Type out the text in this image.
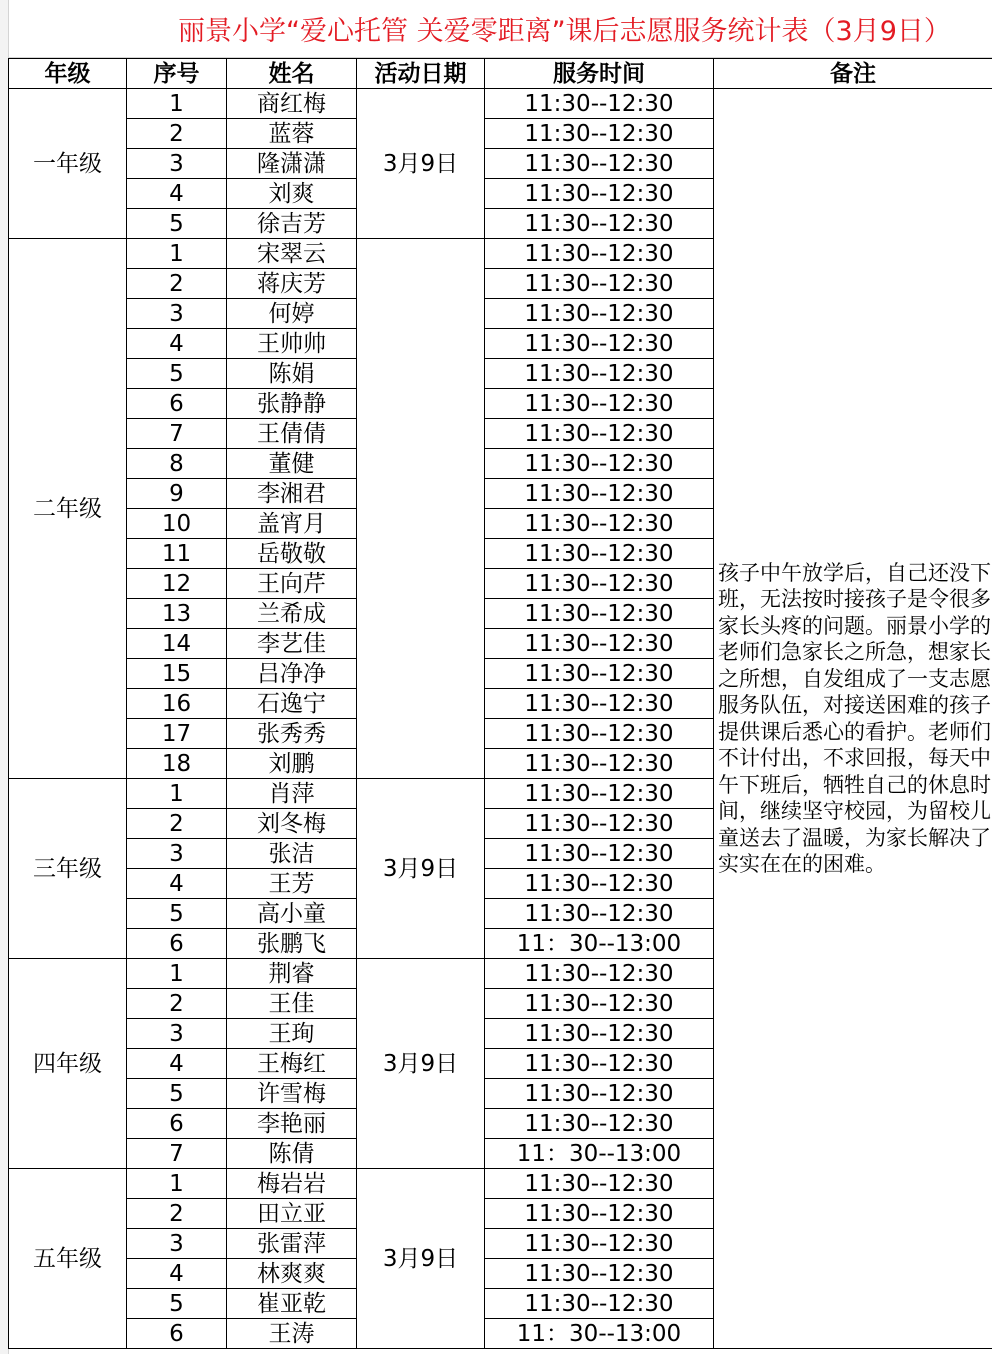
丽景小学“爱心托管 关爱零距离”课后志愿服务统计表（3月9日）
年级	序号	姓名	活动日期	服务时间	备注
一年级	1	商红梅	3月9日	11:30--12:30	孩子中午放学后，自己还没下班，无法按时接孩子是令很多家长头疼的问题。丽景小学的老师们急家长之所急，想家长之所想，自发组成了一支志愿服务队伍，对接送困难的孩子提供课后悉心的看护。老师们不计付出，不求回报，每天中午下班后，牺牲自己的休息时间，继续坚守校园，为留校儿童送去了温暖，为家长解决了实实在在的困难。
	2	蓝蓉		11:30--12:30	
	3	隆潇潇		11:30--12:30	
	4	刘爽		11:30--12:30	
	5	徐吉芳		11:30--12:30	
二年级	1	宋翠云		11:30--12:30	
	2	蒋庆芳		11:30--12:30	
	3	何婷		11:30--12:30	
	4	王帅帅		11:30--12:30	
	5	陈娟		11:30--12:30	
	6	张静静		11:30--12:30	
	7	王倩倩		11:30--12:30	
	8	董健		11:30--12:30	
	9	李湘君		11:30--12:30	
	10	盖宵月		11:30--12:30	
	11	岳敬敬		11:30--12:30	
	12	王向芹		11:30--12:30	
	13	兰希成		11:30--12:30	
	14	李艺佳		11:30--12:30	
	15	吕净净		11:30--12:30	
	16	石逸宁		11:30--12:30	
	17	张秀秀		11:30--12:30	
	18	刘鹏		11:30--12:30	
三年级	1	肖萍	3月9日	11:30--12:30	
	2	刘冬梅		11:30--12:30	
	3	张洁		11:30--12:30	
	4	王芳		11:30--12:30	
	5	高小童		11:30--12:30	
	6	张鹏飞		11：30--13:00	
四年级	1	荆睿	3月9日	11:30--12:30	
	2	王佳		11:30--12:30	
	3	王珣		11:30--12:30	
	4	王梅红		11:30--12:30	
	5	许雪梅		11:30--12:30	
	6	李艳丽		11:30--12:30	
	7	陈倩		11：30--13:00	
五年级	1	梅岩岩	3月9日	11:30--12:30	
	2	田立亚		11:30--12:30	
	3	张雷萍		11:30--12:30	
	4	林爽爽		11:30--12:30	
	5	崔亚乾		11:30--12:30	
	6	王涛		11：30--13:00	
